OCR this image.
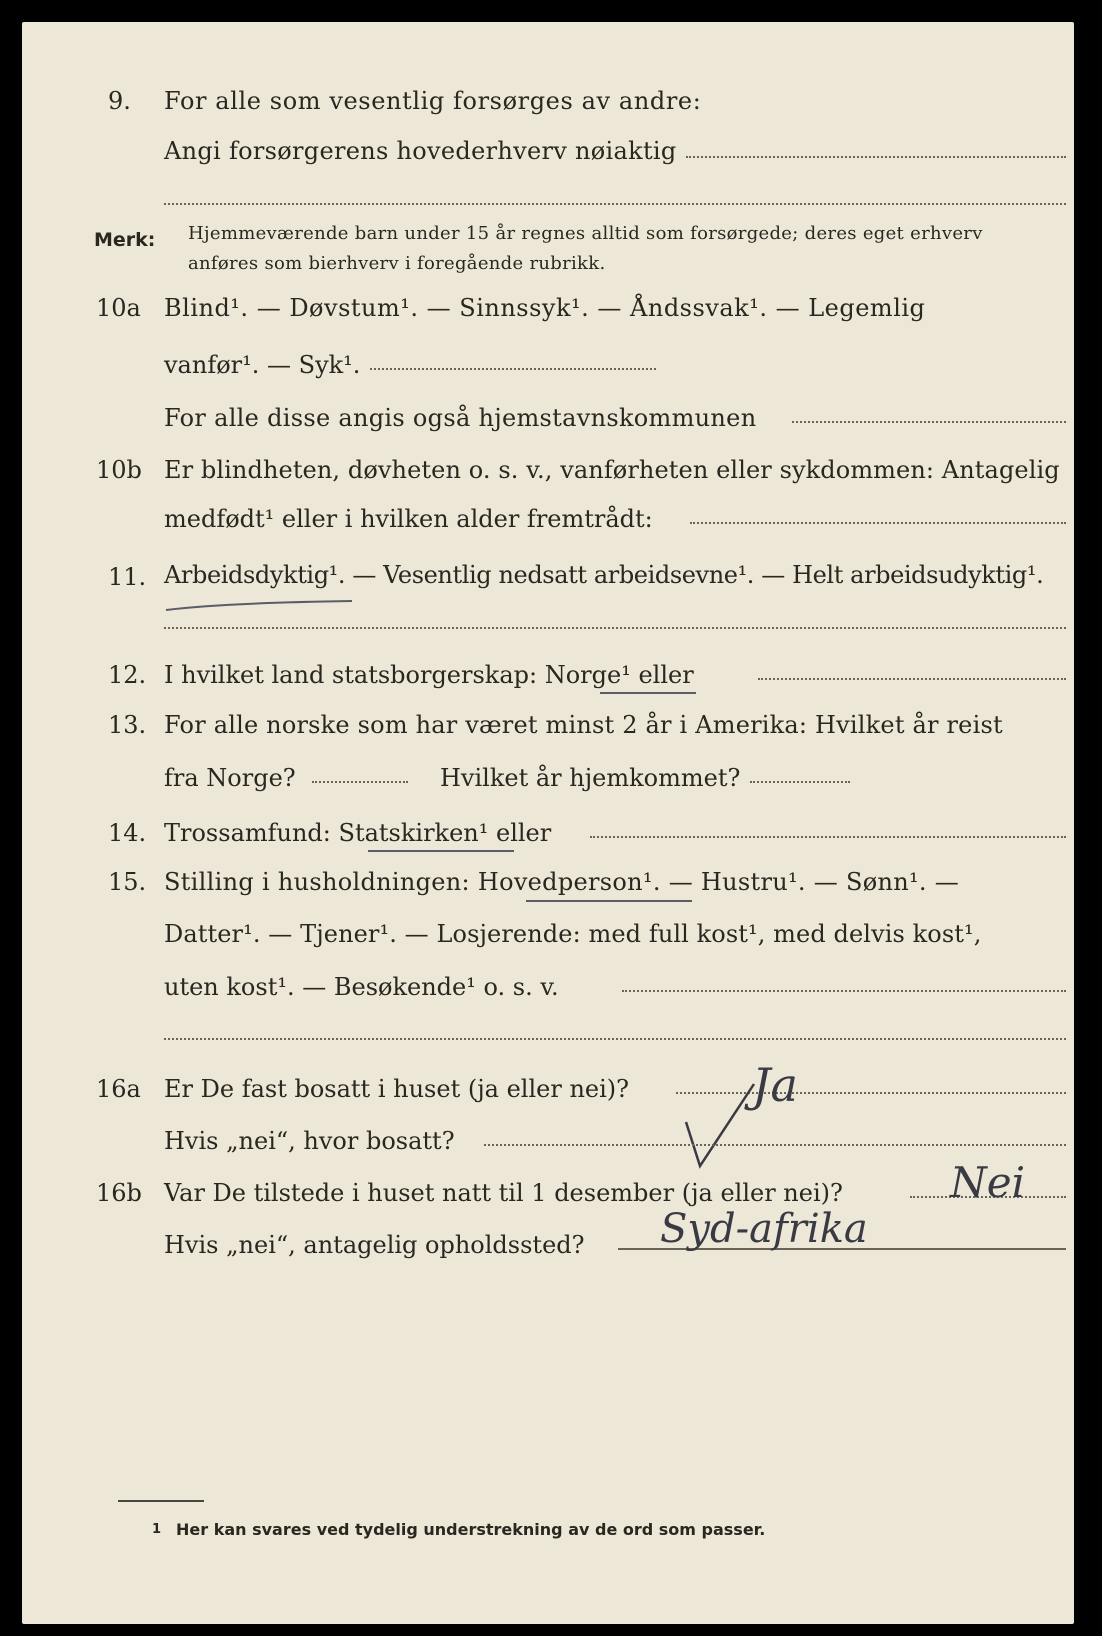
9. For alle som vesentlig forsørges av andre:
Angi forsørgerens hovederhverv nøiaktig
Merk: Hjemmeværende barn under 15 år regnes alltid som forsørgede; deres eget erhverv
anføres som bierhverv i foregående rubrikk.
10a Blind¹. — Døvstum¹. — Sinnssyk¹. — Åndssvak¹. — Legemlig
vanfør¹. — Syk¹.
For alle disse angis også hjemstavnskommunen
10b Er blindheten, døvheten o. s. v., vanførheten eller sykdommen: Antagelig
medfødt¹ eller i hvilken alder fremtrådt:
11. Arbeidsdyktig¹. — Vesentlig nedsatt arbeidsevne¹. — Helt arbeidsudyktig¹.
12. I hvilket land statsborgerskap: Norge¹ eller
13. For alle norske som har været minst 2 år i Amerika: Hvilket år reist
fra Norge?	Hvilket år hjemkommet?
14. Trossamfund: Statskirken¹ eller
15. Stilling i husholdningen: Hovedperson¹. — Hustru¹. — Sønn¹. —
Datter¹. — Tjener¹. — Losjerende: med full kost¹, med delvis kost¹,
uten kost¹. — Besøkende¹ o. s. v.
16a Er De fast bosatt i huset (ja eller nei)?	Ja
Hvis „nei“, hvor bosatt?
16b Var De tilstede i huset natt til 1 desember (ja eller nei)?	Nei
Hvis „nei“, antagelig opholdssted? Syd-afrika
1 Her kan svares ved tydelig understrekning av de ord som passer.
